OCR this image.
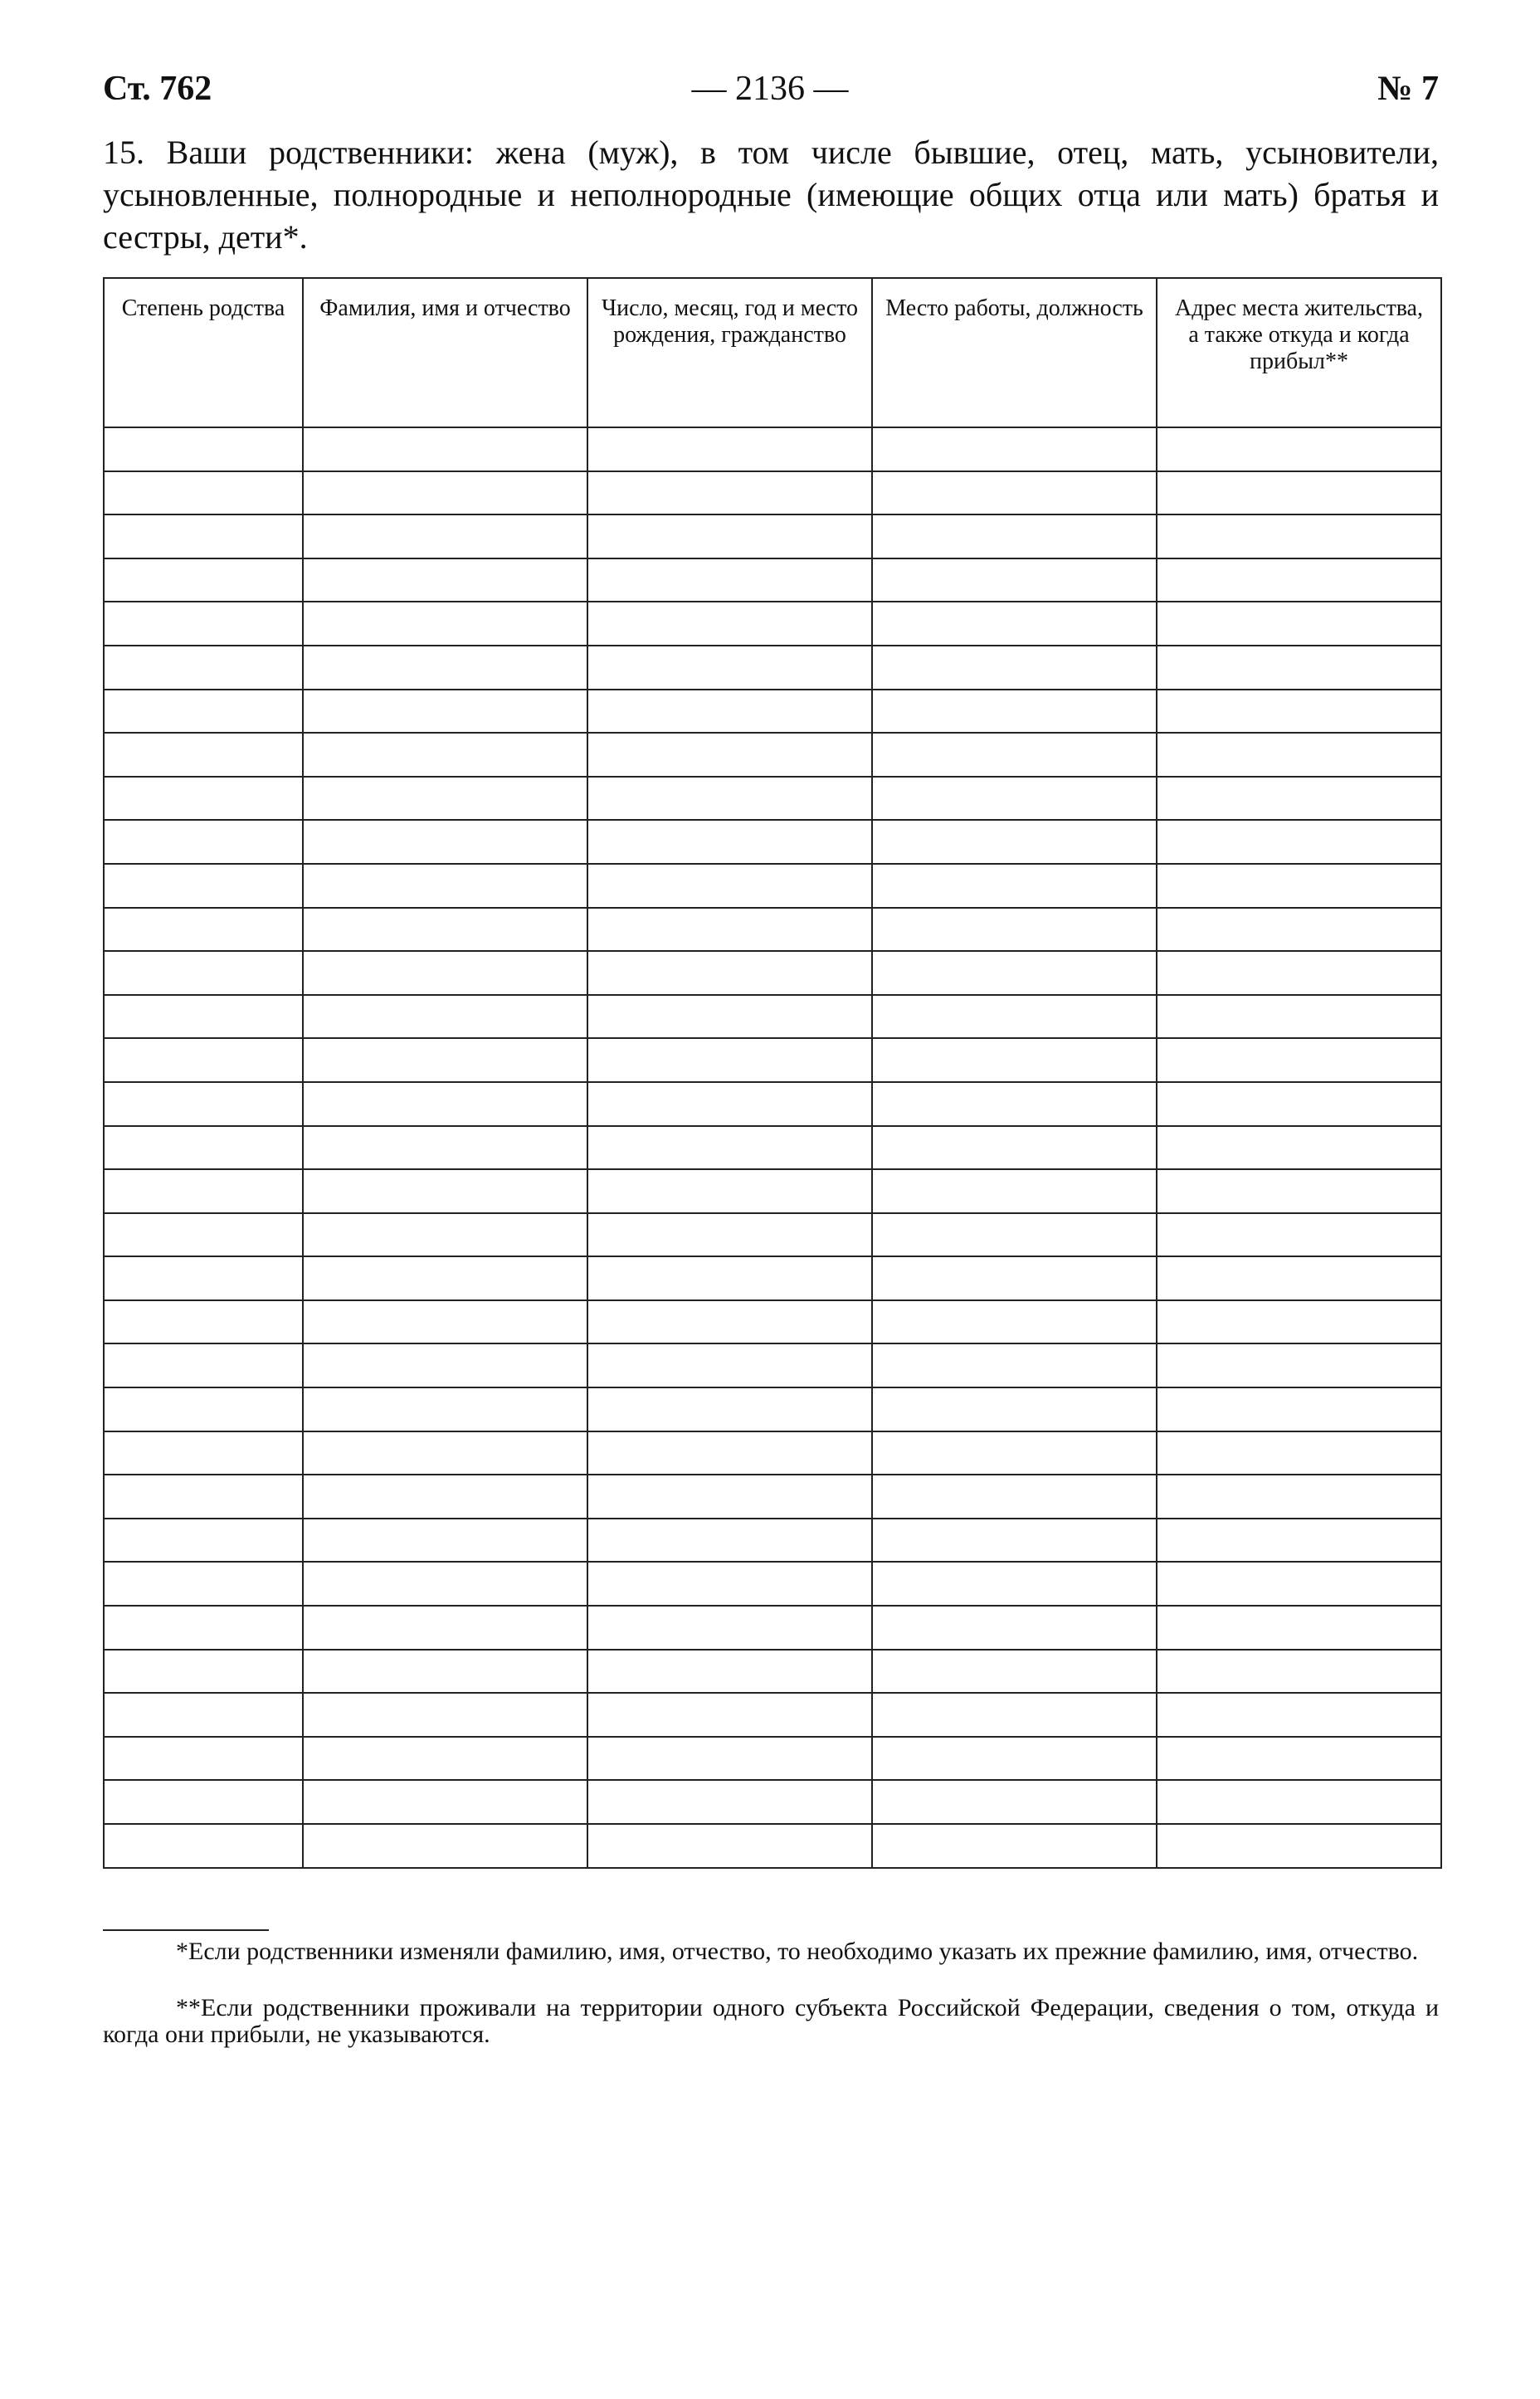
Ст. 762	— 2136 —	№ 7

15. Ваши родственники: жена (муж), в том числе бывшие, отец, мать, усыновители, усыновленные, полнородные и неполнородные (имеющие общих отца или мать) братья и сестры, дети*.

Степень родства	Фамилия, имя и отчество	Число, месяц, год и место рождения, гражданство	Место работы, должность	Адрес места жительства, а также откуда и когда прибыл**

*Если родственники изменяли фамилию, имя, отчество, то необходимо указать их прежние фамилию, имя, отчество.
**Если родственники проживали на территории одного субъекта Российской Федерации, сведения о том, откуда и когда они прибыли, не указываются.
